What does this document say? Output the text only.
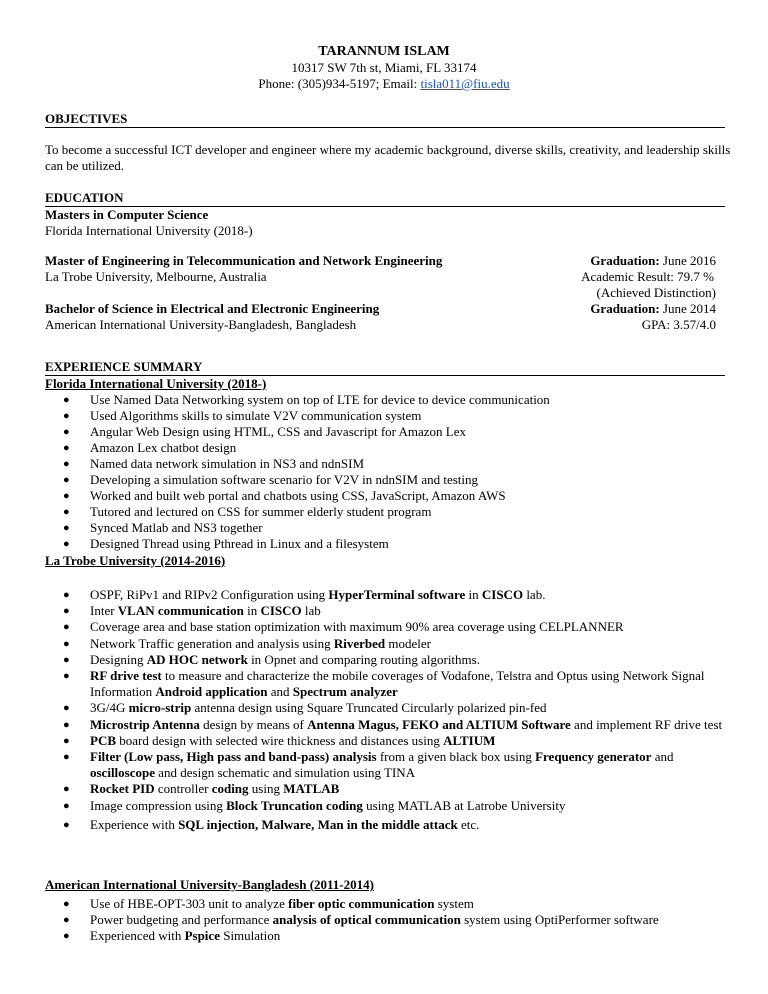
TARANNUM ISLAM
10317 SW 7th st, Miami, FL 33174
Phone: (305)934-5197; Email: tisla011@fiu.edu
OBJECTIVES
To become a successful ICT developer and engineer where my academic background, diverse skills, creativity, and leadership skills can be utilized.
EDUCATION
Masters in Computer Science
Florida International University (2018-)
Master of Engineering in Telecommunication and Network Engineering	Graduation: June 2016
La Trobe University, Melbourne, Australia	Academic Result: 79.7 %
(Achieved Distinction)
Bachelor of Science in Electrical and Electronic Engineering	Graduation: June 2014
American International University-Bangladesh, Bangladesh	GPA: 3.57/4.0
EXPERIENCE SUMMARY
Florida International University (2018-)
● Use Named Data Networking system on top of LTE for device to device communication
● Used Algorithms skills to simulate V2V communication system
● Angular Web Design using HTML, CSS and Javascript for Amazon Lex
● Amazon Lex chatbot design
● Named data network simulation in NS3 and ndnSIM
● Developing a simulation software scenario for V2V in ndnSIM and testing
● Worked and built web portal and chatbots using CSS, JavaScript, Amazon AWS
● Tutored and lectured on CSS for summer elderly student program
● Synced Matlab and NS3 together
● Designed Thread using Pthread in Linux and a filesystem
La Trobe University (2014-2016)
● OSPF, RiPv1 and RIPv2 Configuration using HyperTerminal software in CISCO lab.
● Inter VLAN communication in CISCO lab
● Coverage area and base station optimization with maximum 90% area coverage using CELPLANNER
● Network Traffic generation and analysis using Riverbed modeler
● Designing AD HOC network in Opnet and comparing routing algorithms.
● RF drive test to measure and characterize the mobile coverages of Vodafone, Telstra and Optus using Network Signal Information Android application and Spectrum analyzer
● 3G/4G micro-strip antenna design using Square Truncated Circularly polarized pin-fed
● Microstrip Antenna design by means of Antenna Magus, FEKO and ALTIUM Software and implement RF drive test
● PCB board design with selected wire thickness and distances using ALTIUM
● Filter (Low pass, High pass and band-pass) analysis from a given black box using Frequency generator and oscilloscope and design schematic and simulation using TINA
● Rocket PID controller coding using MATLAB
● Image compression using Block Truncation coding using MATLAB at Latrobe University
● Experience with SQL injection, Malware, Man in the middle attack etc.
American International University-Bangladesh (2011-2014)
● Use of HBE-OPT-303 unit to analyze fiber optic communication system
● Power budgeting and performance analysis of optical communication system using OptiPerformer software
● Experienced with Pspice Simulation
